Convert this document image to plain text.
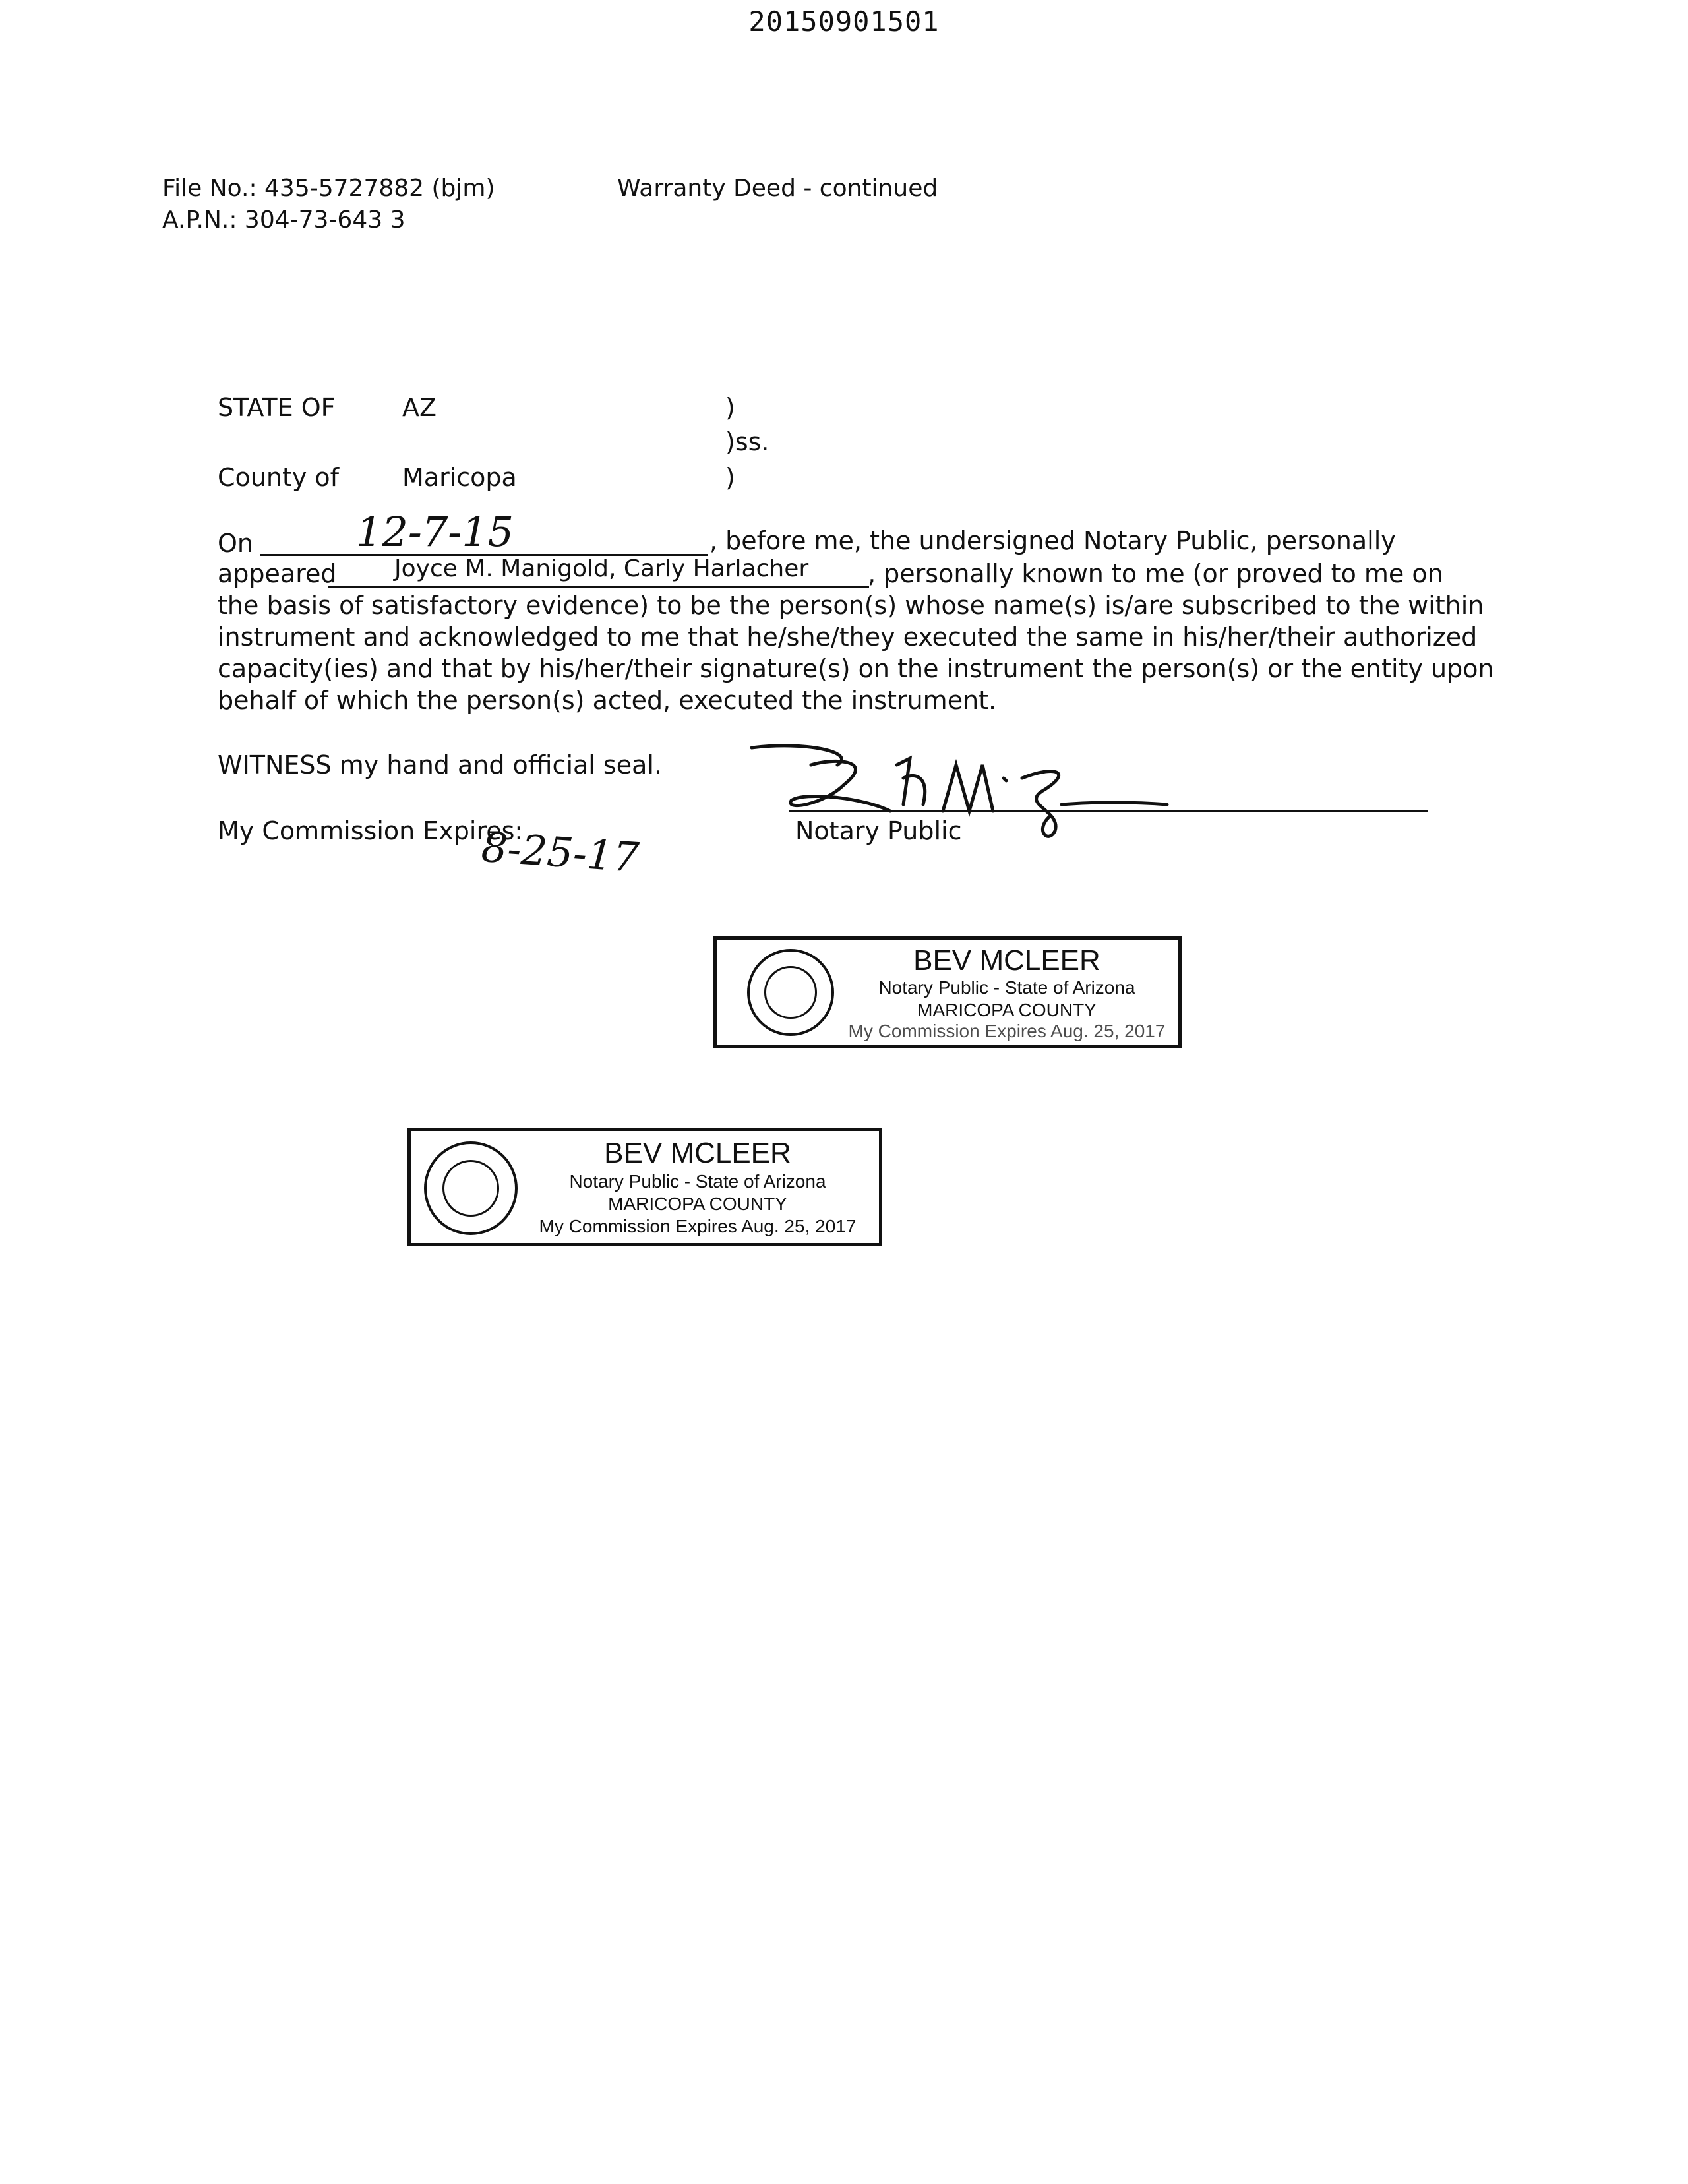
20150901501
File No.: 435-5727882 (bjm)
A.P.N.: 304-73-643 3
Warranty Deed - continued
STATE OF	AZ	)
)ss.
County of	Maricopa	)
On	12-7-15	, before me, the undersigned Notary Public, personally
appeared Joyce M. Manigold, Carly Harlacher , personally known to me (or proved to me on
the basis of satisfactory evidence) to be the person(s) whose name(s) is/are subscribed to the within
instrument and acknowledged to me that he/she/they executed the same in his/her/their authorized
capacity(ies) and that by his/her/their signature(s) on the instrument the person(s) or the entity upon
behalf of which the person(s) acted, executed the instrument.
WITNESS my hand and official seal.
Notary Public
My Commission Expires:
8-25-17
BEV MCLEER
Notary Public - State of Arizona
MARICOPA COUNTY
My Commission Expires Aug. 25, 2017
BEV MCLEER
Notary Public - State of Arizona
MARICOPA COUNTY
My Commission Expires Aug. 25, 2017
